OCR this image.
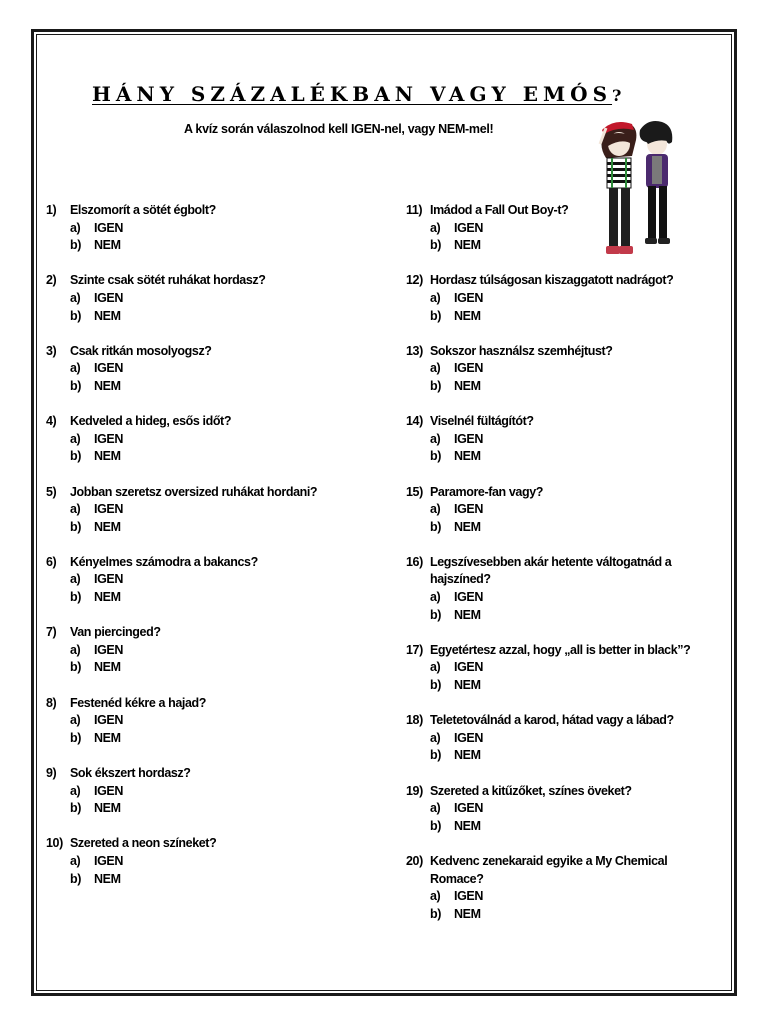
HÁNY SZÁZALÉKBAN VAGY EMÓS?
A kvíz során válaszolnod kell IGEN-nel, vagy NEM-mel!
1)	Elszomorít a sötét égbolt?
a)	IGEN
b)	NEM
2)	Szinte csak sötét ruhákat hordasz?
a)	IGEN
b)	NEM
3)	Csak ritkán mosolyogsz?
a)	IGEN
b)	NEM
4)	Kedveled a hideg, esős időt?
a)	IGEN
b)	NEM
5)	Jobban szeretsz oversized ruhákat hordani?
a)	IGEN
b)	NEM
6)	Kényelmes számodra a bakancs?
a)	IGEN
b)	NEM
7)	Van piercinged?
a)	IGEN
b)	NEM
8)	Festenéd kékre a hajad?
a)	IGEN
b)	NEM
9)	Sok ékszert hordasz?
a)	IGEN
b)	NEM
10) Szereted a neon színeket?
a)	IGEN
b)	NEM
11) Imádod a Fall Out Boy-t?
a)	IGEN
b)	NEM
12) Hordasz túlságosan kiszaggatott nadrágot?
a)	IGEN
b)	NEM
13) Sokszor használsz szemhéjtust?
a)	IGEN
b)	NEM
14) Viselnél fültágítót?
a)	IGEN
b)	NEM
15) Paramore-fan vagy?
a)	IGEN
b)	NEM
16) Legszívesebben akár hetente váltogatnád a hajszíned?
a)	IGEN
b)	NEM
17) Egyetértesz azzal, hogy „all is better in black”?
a)	IGEN
b)	NEM
18) Teletetoválnád a karod, hátad vagy a lábad?
a)	IGEN
b)	NEM
19) Szereted a kitűzőket, színes öveket?
a)	IGEN
b)	NEM
20) Kedvenc zenekaraid egyike a My Chemical Romace?
a)	IGEN
b)	NEM
